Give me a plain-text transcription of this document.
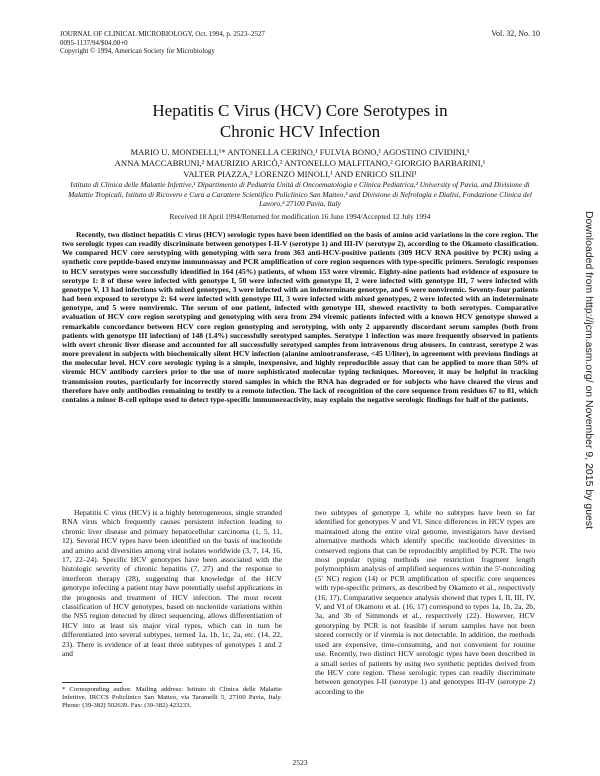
JOURNAL OF CLINICAL MICROBIOLOGY, Oct. 1994, p. 2523–2527
0095-1137/94/$04.00+0
Copyright © 1994, American Society for Microbiology
Vol. 32, No. 10
Hepatitis C Virus (HCV) Core Serotypes in
Chronic HCV Infection
MARIO U. MONDELLI,¹* ANTONELLA CERINO,¹ FULVIA BONO,¹ AGOSTINO CIVIDINI,¹
ANNA MACCABRUNI,² MAURIZIO ARICÒ,² ANTONELLO MALFITANO,² GIORGIO BARBARINI,¹
VALTER PIAZZA,³ LORENZO MINOLI,¹ AND ENRICO SILINI¹
Istituto di Clinica delle Malattie Infettive,¹ Dipartimento di Pediatria Unità di Oncoematologia e Clinica Pediatrica,² University of Pavia, and Divisione di Malattie Tropicali, Istituto di Ricovero e Cura a Carattere Scientifico Policlinico San Matteo,³ and Divisione di Nefrologia e Dialisi, Fondazione Clinica del Lavoro,³ 27100 Pavia, Italy
Received 18 April 1994/Returned for modification 16 June 1994/Accepted 12 July 1994

Recently, two distinct hepatitis C virus (HCV) serologic types have been identified on the basis of amino acid variations in the core region. The two serologic types can readily discriminate between genotypes I-II-V (serotype 1) and III-IV (serotype 2), according to the Okamoto classification. We compared HCV core serotyping with genotyping with sera from 363 anti-HCV-positive patients (309 HCV RNA positive by PCR) using a synthetic core peptide-based enzyme immunoassay and PCR amplification of core region sequences with type-specific primers. Serologic responses to HCV serotypes were successfully identified in 164 (45%) patients, of whom 153 were viremic. Eighty-nine patients had evidence of exposure to serotype 1: 8 of these were infected with genotype I, 50 were infected with genotype II, 2 were infected with genotype III, 7 were infected with genotype V, 13 had infections with mixed genotypes, 3 were infected with an indeterminate genotype, and 6 were nonviremic. Seventy-four patients had been exposed to serotype 2: 64 were infected with genotype III, 3 were infected with mixed genotypes, 2 were infected with an indeterminate genotype, and 5 were nonviremic. The serum of one patient, infected with genotype III, showed reactivity to both serotypes. Comparative evaluation of HCV core region serotyping and genotyping with sera from 294 viremic patients infected with a known HCV genotype showed a remarkable concordance between HCV core region genotyping and serotyping, with only 2 apparently discordant serum samples (both from patients with genotype III infection) of 148 (1.4%) successfully serotyped samples. Serotype 1 infection was more frequently observed in patients with overt chronic liver disease and accounted for all successfully serotyped samples from intravenous drug abusers. In contrast, serotype 2 was more prevalent in subjects with biochemically silent HCV infection (alanine aminotransferase, <45 U/liter), in agreement with previous findings at the molecular level. HCV core serologic typing is a simple, inexpensive, and highly reproducible assay that can be applied to more than 50% of viremic HCV antibody carriers prior to the use of more sophisticated molecular typing techniques. Moreover, it may be helpful in tracking transmission routes, particularly for incorrectly stored samples in which the RNA has degraded or for subjects who have cleared the virus and therefore have only antibodies remaining to testify to a remote infection. The lack of recognition of the core sequence from residues 67 to 81, which contains a minor B-cell epitope used to detect type-specific immunoreactivity, may explain the negative serologic findings for half of the patients.

Hepatitis C virus (HCV) is a highly heterogeneous, single stranded RNA virus which frequently causes persistent infection leading to chronic liver disease and primary hepatocellular carcinoma (1, 5, 11, 12). Several HCV types have been identified on the basis of nucleotide and amino acid diversities among viral isolates worldwide (3, 7, 14, 16, 17, 22–24). Specific HCV genotypes have been associated with the histologic severity of chronic hepatitis (7, 27) and the response to interferon therapy (28), suggesting that knowledge of the HCV genotype infecting a patient may have potentially useful applications in the prognosis and treatment of HCV infection. The most recent classification of HCV genotypes, based on nucleotide variations within the NS5 region detected by direct sequencing, allows differentiation of HCV into at least six major viral types, which can in turn be differentiated into several subtypes, termed 1a, 1b, 1c, 2a, etc. (14, 22, 23). There is evidence of at least three subtypes of genotypes 1 and 2 and

two subtypes of genotype 3, while no subtypes have been so far identified for genotypes V and VI. Since differences in HCV types are maintained along the entire viral genome, investigators have devised alternative methods which identify specific nucleotide diversities in conserved regions that can be reproducibly amplified by PCR. The two most popular typing methods use restriction fragment length polymorphism analysis of amplified sequences within the 5′-noncoding (5′ NC) region (14) or PCR amplification of specific core sequences with type-specific primers, as described by Okamoto et al., respectively (16, 17). Comparative sequence analysis showed that types I, II, III, IV, V, and VI of Okamoto et al. (16, 17) correspond to types 1a, 1b, 2a, 2b, 3a, and 3b of Simmonds et al., respectively (22). However, HCV genotyping by PCR is not feasible if serum samples have not been stored correctly or if viremia is not detectable. In addition, the methods used are expensive, time-consuming, and not convenient for routine use. Recently, two distinct HCV serologic types have been described in a small series of patients by using two synthetic peptides derived from the HCV core region. These serologic types can readily discriminate between genotypes I-II (serotype 1) and genotypes III-IV (serotype 2) according to the

* Corresponding author. Mailing address: Istituto di Clinica delle Malattie Infettive, IRCCS Policlinico San Matteo, via Taramelli 5, 27100 Pavia, Italy. Phone: (39-382) 502639. Fax: (39-382) 423233.
2523
Downloaded from http://jcm.asm.org/ on November 9, 2015 by guest
